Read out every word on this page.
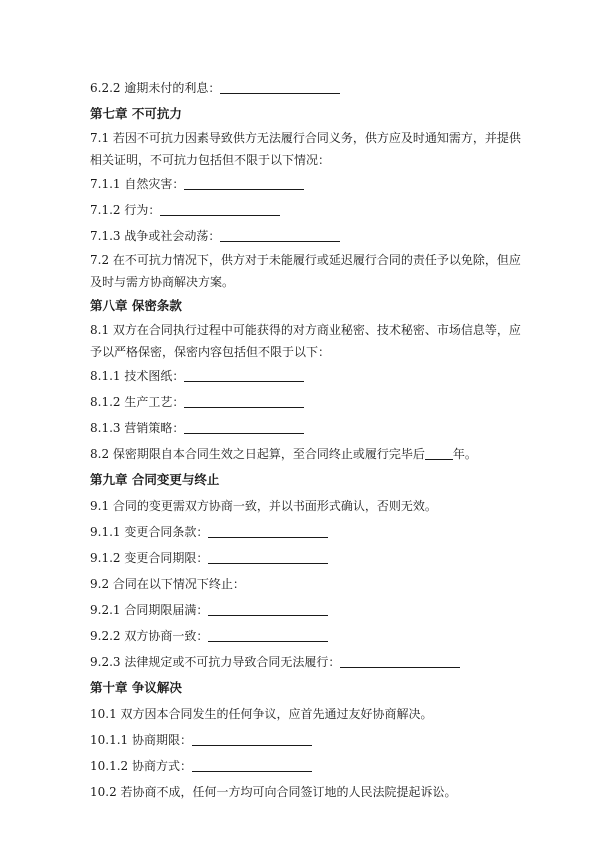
6.2.2 逾期未付的利息：
第七章 不可抗力
7.1 若因不可抗力因素导致供方无法履行合同义务，供方应及时通知需方，并提供相关证明，不可抗力包括但不限于以下情况：
7.1.1 自然灾害：
7.1.2 行为：
7.1.3 战争或社会动荡：
7.2 在不可抗力情况下，供方对于未能履行或延迟履行合同的责任予以免除，但应及时与需方协商解决方案。
第八章 保密条款
8.1 双方在合同执行过程中可能获得的对方商业秘密、技术秘密、市场信息等，应予以严格保密，保密内容包括但不限于以下：
8.1.1 技术图纸：
8.1.2 生产工艺：
8.1.3 营销策略：
8.2 保密期限自本合同生效之日起算，至合同终止或履行完毕后 年。
第九章 合同变更与终止
9.1 合同的变更需双方协商一致，并以书面形式确认，否则无效。
9.1.1 变更合同条款：
9.1.2 变更合同期限：
9.2 合同在以下情况下终止：
9.2.1 合同期限届满：
9.2.2 双方协商一致：
9.2.3 法律规定或不可抗力导致合同无法履行：
第十章 争议解决
10.1 双方因本合同发生的任何争议，应首先通过友好协商解决。
10.1.1 协商期限：
10.1.2 协商方式：
10.2 若协商不成，任何一方均可向合同签订地的人民法院提起诉讼。
